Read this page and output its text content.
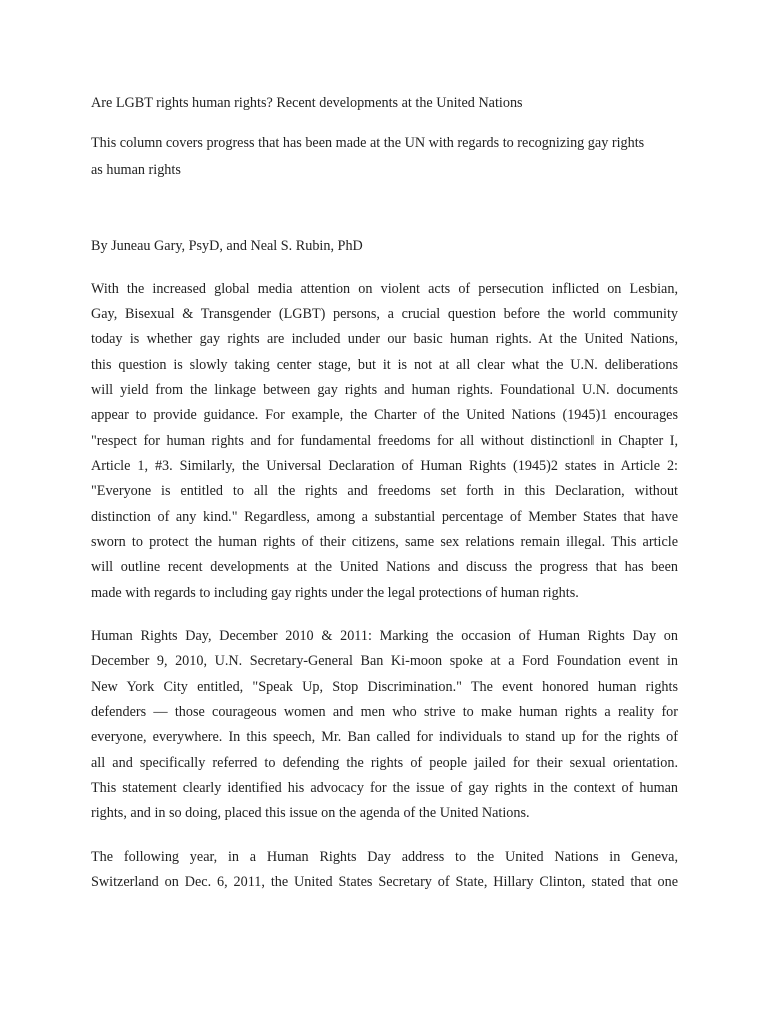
Are LGBT rights human rights? Recent developments at the United Nations
This column covers progress that has been made at the UN with regards to recognizing gay rights
as human rights
By Juneau Gary, PsyD, and Neal S. Rubin, PhD
With the increased global media attention on violent acts of persecution inflicted on Lesbian,
Gay, Bisexual & Transgender (LGBT) persons, a crucial question before the world community
today is whether gay rights are included under our basic human rights. At the United Nations,
this question is slowly taking center stage, but it is not at all clear what the U.N. deliberations
will yield from the linkage between gay rights and human rights. Foundational U.N. documents
appear to provide guidance. For example, the Charter of the United Nations (1945)1 encourages
"respect for human rights and for fundamental freedoms for all without distinction‖ in Chapter I,
Article 1, #3. Similarly, the Universal Declaration of Human Rights (1945)2 states in Article 2:
"Everyone is entitled to all the rights and freedoms set forth in this Declaration, without
distinction of any kind." Regardless, among a substantial percentage of Member States that have
sworn to protect the human rights of their citizens, same sex relations remain illegal. This article
will outline recent developments at the United Nations and discuss the progress that has been
made with regards to including gay rights under the legal protections of human rights.
Human Rights Day, December 2010 & 2011: Marking the occasion of Human Rights Day on
December 9, 2010, U.N. Secretary-General Ban Ki-moon spoke at a Ford Foundation event in
New York City entitled, "Speak Up, Stop Discrimination." The event honored human rights
defenders — those courageous women and men who strive to make human rights a reality for
everyone, everywhere. In this speech, Mr. Ban called for individuals to stand up for the rights of
all and specifically referred to defending the rights of people jailed for their sexual orientation.
This statement clearly identified his advocacy for the issue of gay rights in the context of human
rights, and in so doing, placed this issue on the agenda of the United Nations.
The following year, in a Human Rights Day address to the United Nations in Geneva,
Switzerland on Dec. 6, 2011, the United States Secretary of State, Hillary Clinton, stated that one
